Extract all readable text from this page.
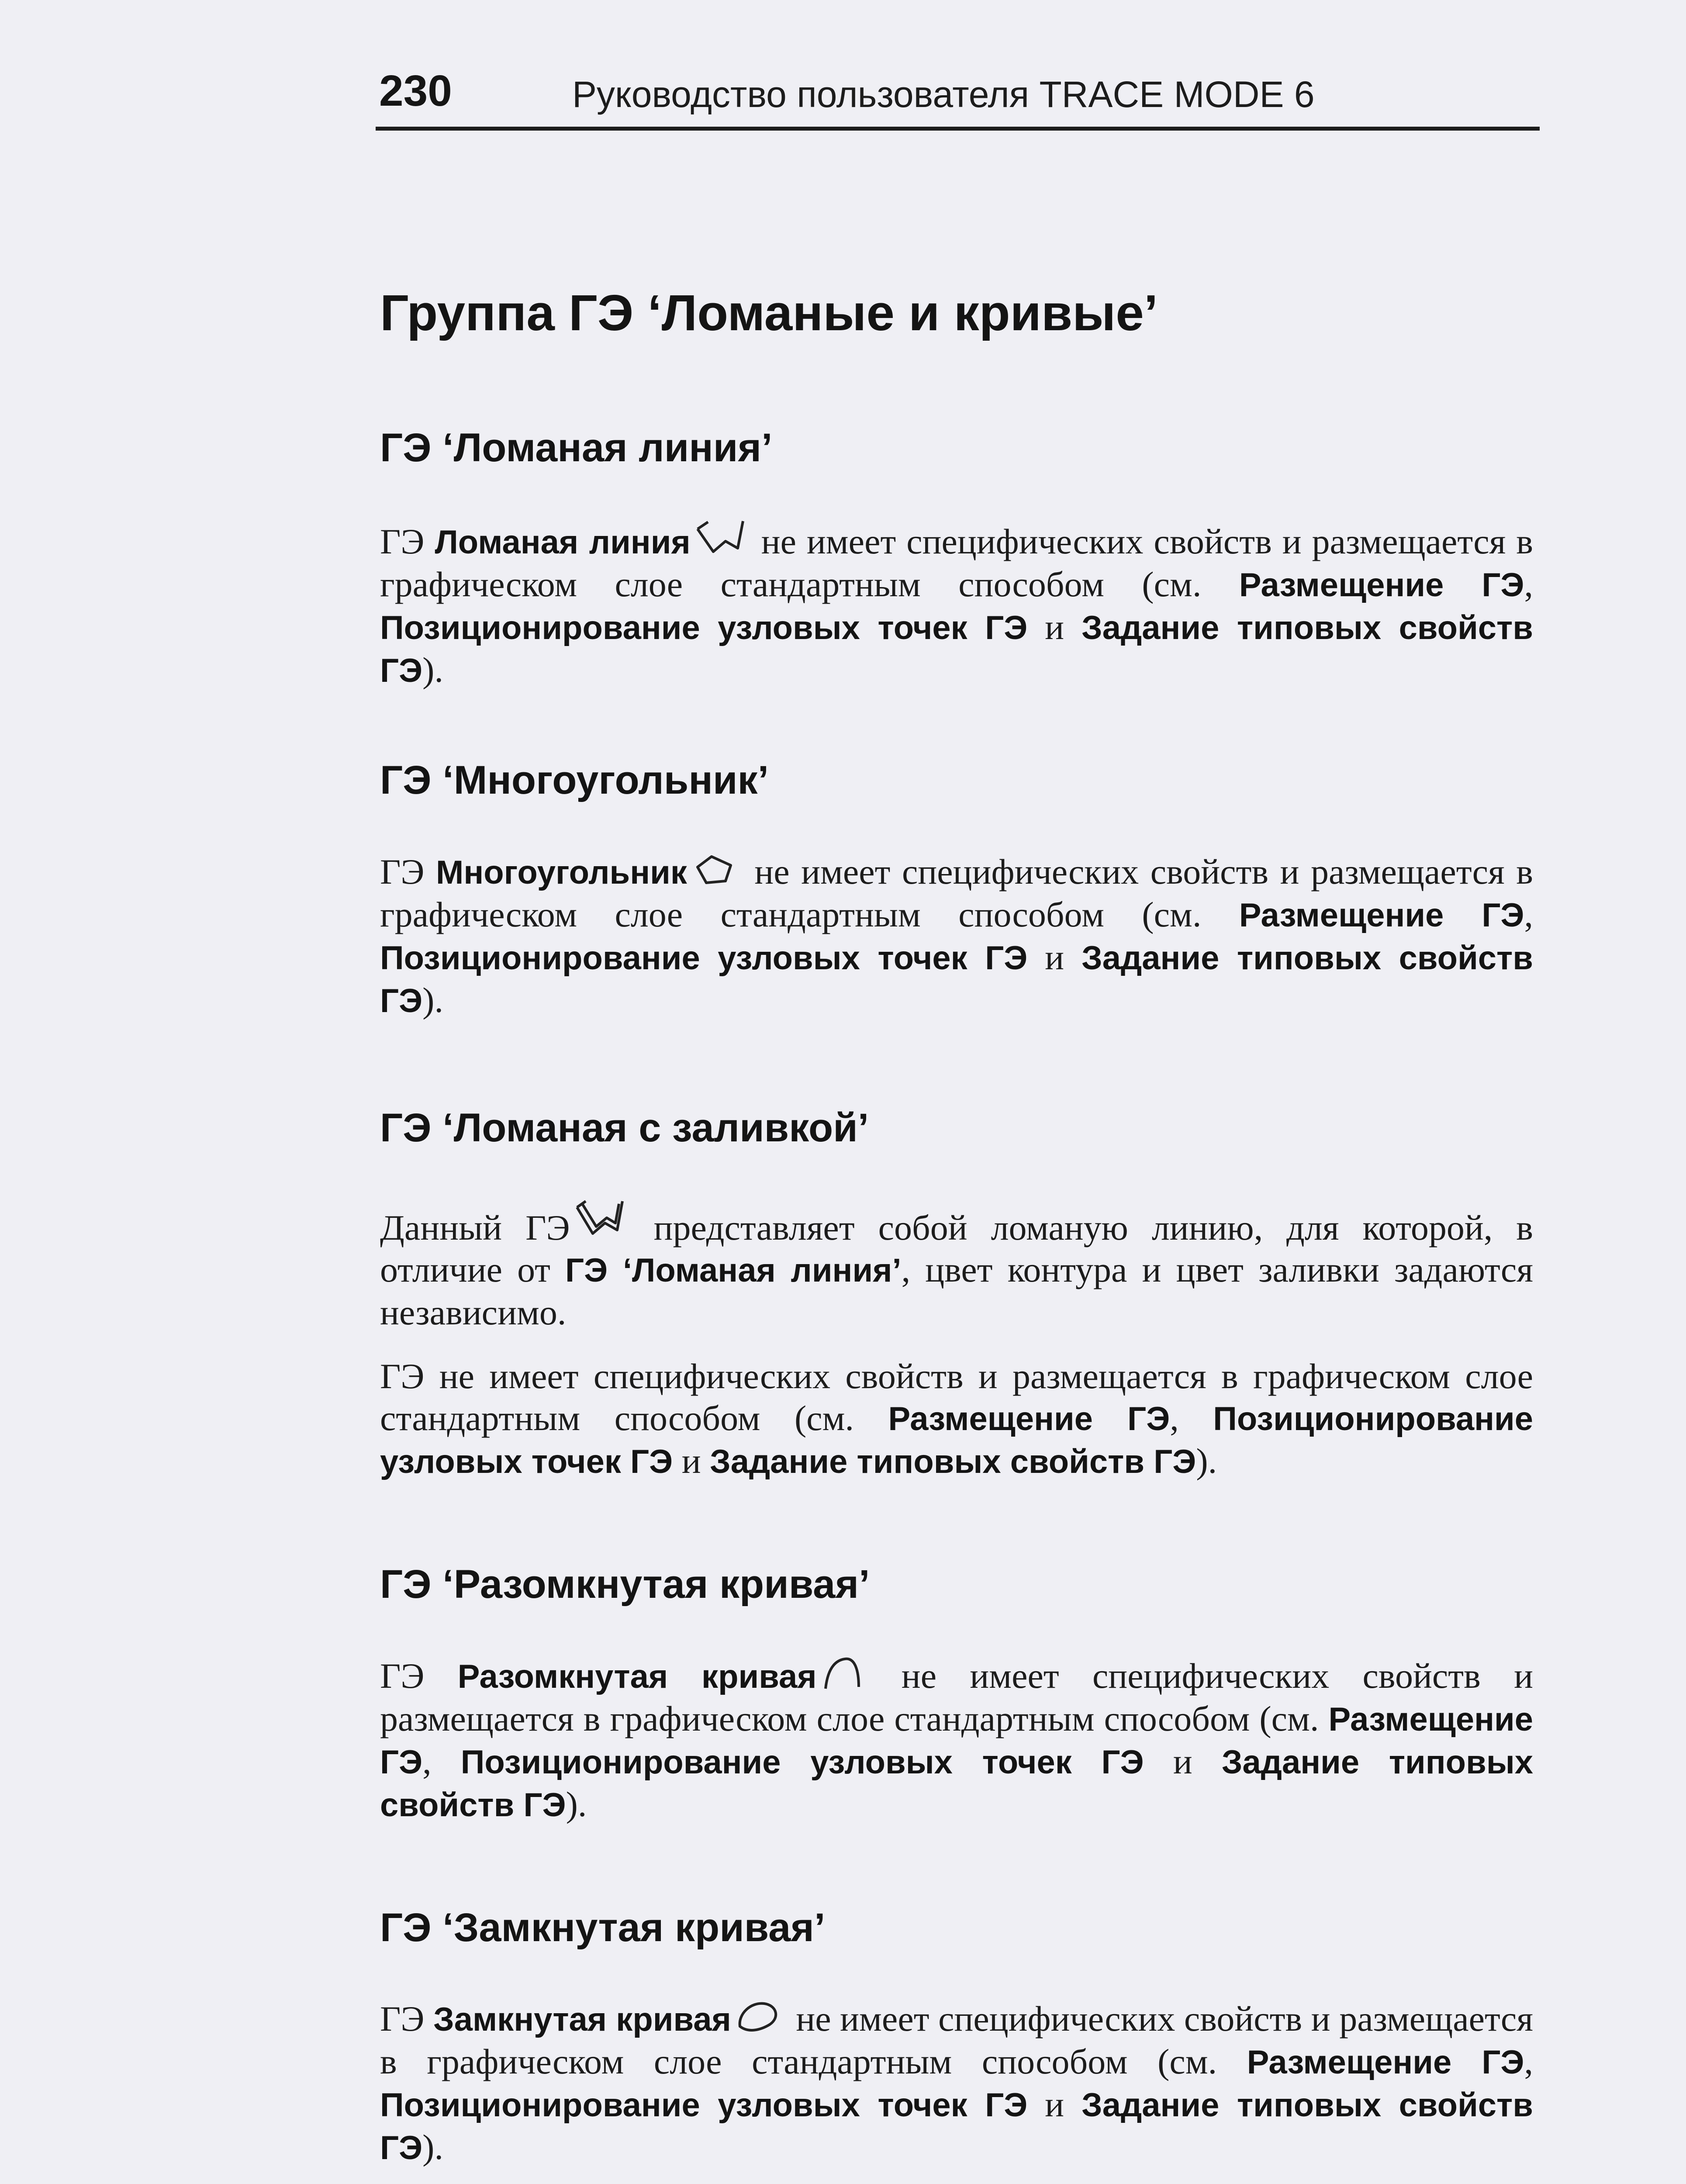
230	Руководство пользователя TRACE MODE 6
Группа ГЭ ‘Ломаные и кривые’
ГЭ ‘Ломаная линия’

ГЭ Ломаная линия
не имеет специфических свойств и размещается в графическом слое стандартным способом (см. Размещение ГЭ, Позиционирование узловых точек ГЭ и Задание типовых свойств ГЭ).

ГЭ ‘Многоугольник’

ГЭ Многоугольник
не имеет специфических свойств и размещается в графическом слое стандартным способом (см. Размещение ГЭ, Позиционирование узловых точек ГЭ и Задание типовых свойств ГЭ).

ГЭ ‘Ломаная с заливкой’

Данный ГЭ
представляет собой ломаную линию, для которой, в отличие от ГЭ ‘Ломаная линия’, цвет контура и цвет заливки задаются независимо.

ГЭ не имеет специфических свойств и размещается в графическом слое стандартным способом (см. Размещение ГЭ, Позиционирование узловых точек ГЭ и Задание типовых свойств ГЭ).

ГЭ ‘Разомкнутая кривая’

ГЭ Разомкнутая кривая
не имеет специфических свойств и размещается в графическом слое стандартным способом (см. Размещение ГЭ, Позиционирование узловых точек ГЭ и Задание типовых свойств ГЭ).

ГЭ ‘Замкнутая кривая’

ГЭ Замкнутая кривая
не имеет специфических свойств и размещается в графическом слое стандартным способом (см. Размещение ГЭ, Позиционирование узловых точек ГЭ и Задание типовых свойств ГЭ).
